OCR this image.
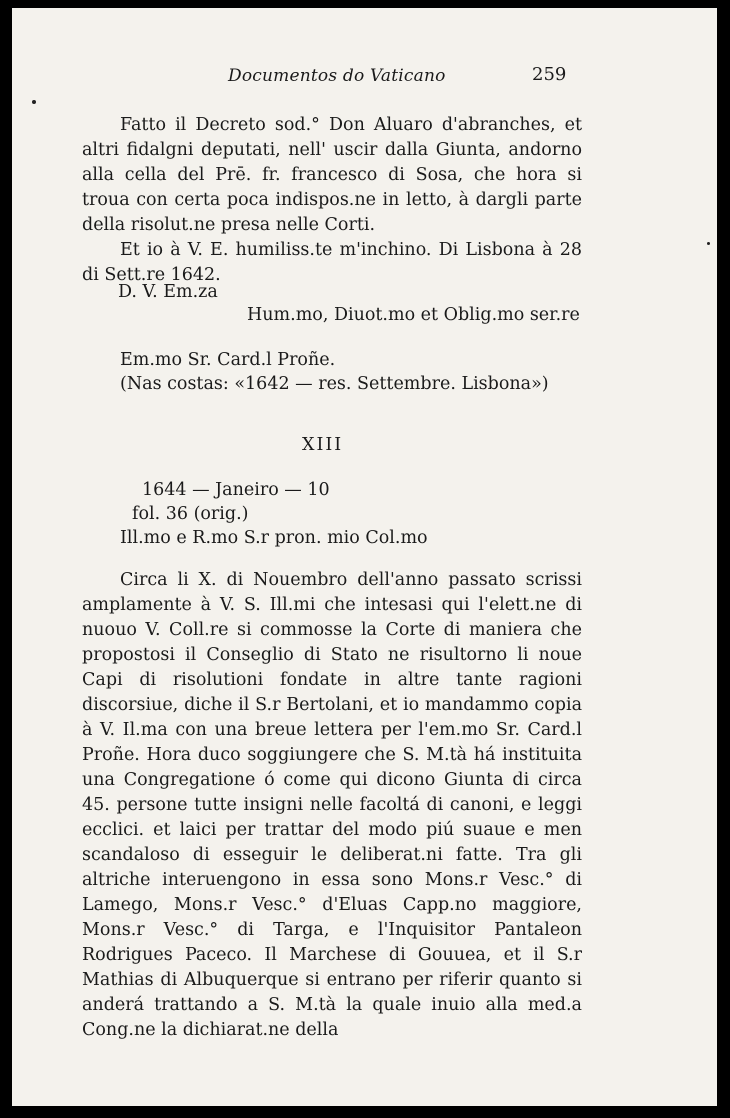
Documentos do Vaticano	259
Fatto il Decreto sod.° Don Aluaro d'abranches, et altri fidalgni deputati, nell' uscir dalla Giunta, andorno alla cella del Prē. fr. francesco di Sosa, che hora si troua con certa poca indispos.ne in letto, à dargli parte della risolut.ne presa nelle Corti.
Et io à V. E. humiliss.te m'inchino. Di Lisbona à 28 di Sett.re 1642.
D. V. Em.za
Hum.mo, Diuot.mo et Oblig.mo ser.re
Em.mo Sr. Card.l Proñe.
(Nas costas: «1642 — res. Settembre. Lisbona»)
XIII
1644 — Janeiro — 10
fol. 36 (orig.)
Ill.mo e R.mo S.r pron. mio Col.mo
Circa li X. di Nouembro dell'anno passato scrissi amplamente à V. S. Ill.mi che intesasi qui l'elett.ne di nuouo V. Coll.re si commosse la Corte di maniera che propostosi il Conseglio di Stato ne risultorno li noue Capi di risolutioni fondate in altre tante ragioni discorsiue, diche il S.r Bertolani, et io mandammo copia à V. Il.ma con una breue lettera per l'em.mo Sr. Card.l Proñe. Hora duco soggiungere che S. M.tà há instituita una Congregatione ó come qui dicono Giunta di circa 45. persone tutte insigni nelle facoltá di canoni, e leggi ecclici. et laici per trattar del modo piú suaue e men scandaloso di esseguir le deliberat.ni fatte. Tra gli altriche interuengono in essa sono Mons.r Vesc.° di Lamego, Mons.r Vesc.° d'Eluas Capp.no maggiore, Mons.r Vesc.° di Targa, e l'Inquisitor Pantaleon Rodrigues Paceco. Il Marchese di Gouuea, et il S.r Mathias di Albuquerque si entrano per riferir quanto si anderá trattando a S. M.tà la quale inuio alla med.a Cong.ne la dichiarat.ne della
